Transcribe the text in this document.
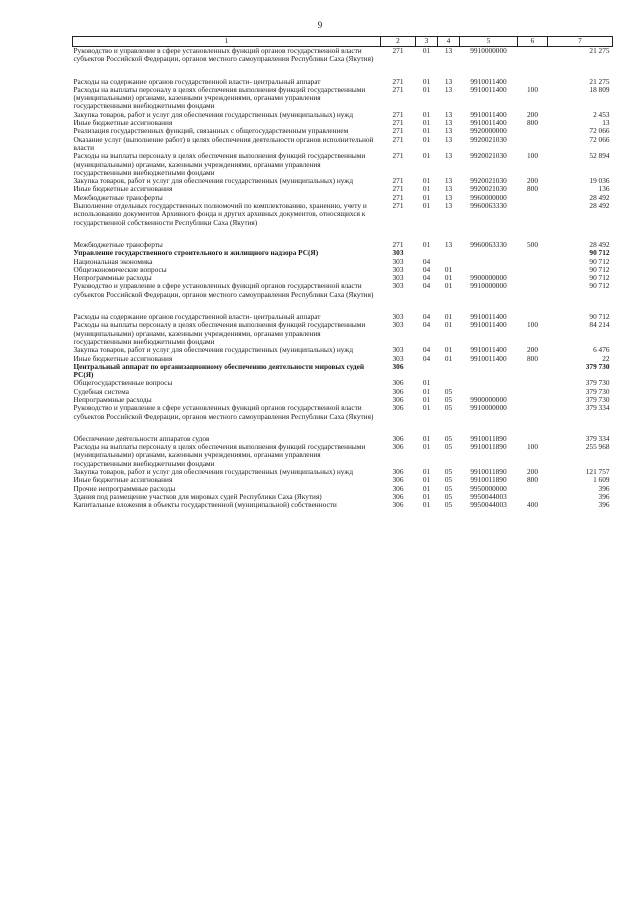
9
1	2	3	4	5	6	7
Руководство и управление в сфере установленных функций органов государственной власти субъектов Российской Федерации, органов местного самоуправления Республики Саха (Якутия)	271	01	13	9910000000		21 275
Расходы на содержание органов государственной власти- центральный аппарат	271	01	13	9910011400		21 275
Расходы на выплаты персоналу в целях обеспечения выполнения функций государственными (муниципальными) органами, казенными учреждениями, органами управления государственными внебюджетными фондами	271	01	13	9910011400	100	18 809
Закупка товаров, работ и услуг для обеспечения государственных (муниципальных) нужд	271	01	13	9910011400	200	2 453
Иные бюджетные ассигнования	271	01	13	9910011400	800	13
Реализация государственных функций, связанных с общегосударственным управлением	271	01	13	9920000000		72 066
Оказание услуг (выполнение работ) в целях обеспечения деятельности органов исполнительной власти	271	01	13	9920021030		72 066
Расходы на выплаты персоналу в целях обеспечения выполнения функций государственными (муниципальными) органами, казенными учреждениями, органами управления государственными внебюджетными фондами	271	01	13	9920021030	100	52 894
Закупка товаров, работ и услуг для обеспечения государственных (муниципальных) нужд	271	01	13	9920021030	200	19 036
Иные бюджетные ассигнования	271	01	13	9920021030	800	136
Межбюджетные трансферты	271	01	13	9960000000		28 492
Выполнение отдельных государственных полномочий по комплектованию, хранению, учету и использованию документов Архивного фонда и других архивных документов, относящихся к государственной собственности Республики Саха (Якутия)	271	01	13	9960063330		28 492
Межбюджетные трансферты	271	01	13	9960063330	500	28 492
Управление государственного строительного и жилищного надзора РС(Я)	303					90 712
Национальная экономика	303	04				90 712
Общеэкономические вопросы	303	04	01			90 712
Непрограммные расходы	303	04	01	9900000000		90 712
Руководство и управление в сфере установленных функций органов государственной власти субъектов Российской Федерации, органов местного самоуправления Республики Саха (Якутия)	303	04	01	9910000000		90 712
Расходы на содержание органов государственной власти- центральный аппарат	303	04	01	9910011400		90 712
Расходы на выплаты персоналу в целях обеспечения выполнения функций государственными (муниципальными) органами, казенными учреждениями, органами управления государственными внебюджетными фондами	303	04	01	9910011400	100	84 214
Закупка товаров, работ и услуг для обеспечения государственных (муниципальных) нужд	303	04	01	9910011400	200	6 476
Иные бюджетные ассигнования	303	04	01	9910011400	800	22
Центральный аппарат по организационному обеспечению деятельности мировых судей РС(Я)	306					379 730
Общегосударственные вопросы	306	01				379 730
Судебная система	306	01	05			379 730
Непрограммные расходы	306	01	05	9900000000		379 730
Руководство и управление в сфере установленных функций органов государственной власти субъектов Российской Федерации, органов местного самоуправления Республики Саха (Якутия)	306	01	05	9910000000		379 334
Обеспечение деятельности аппаратов судов	306	01	05	9910011890		379 334
Расходы на выплаты персоналу в целях обеспечения выполнения функций государственными (муниципальными) органами, казенными учреждениями, органами управления государственными внебюджетными фондами	306	01	05	9910011890	100	255 968
Закупка товаров, работ и услуг для обеспечения государственных (муниципальных) нужд	306	01	05	9910011890	200	121 757
Иные бюджетные ассигнования	306	01	05	9910011890	800	1 609
Прочие непрограммные расходы	306	01	05	9950000000		396
Здания под размещение участков для мировых судей Республики Саха (Якутия)	306	01	05	9950044003		396
Капитальные вложения в объекты государственной (муниципальной) собственности	306	01	05	9950044003	400	396
